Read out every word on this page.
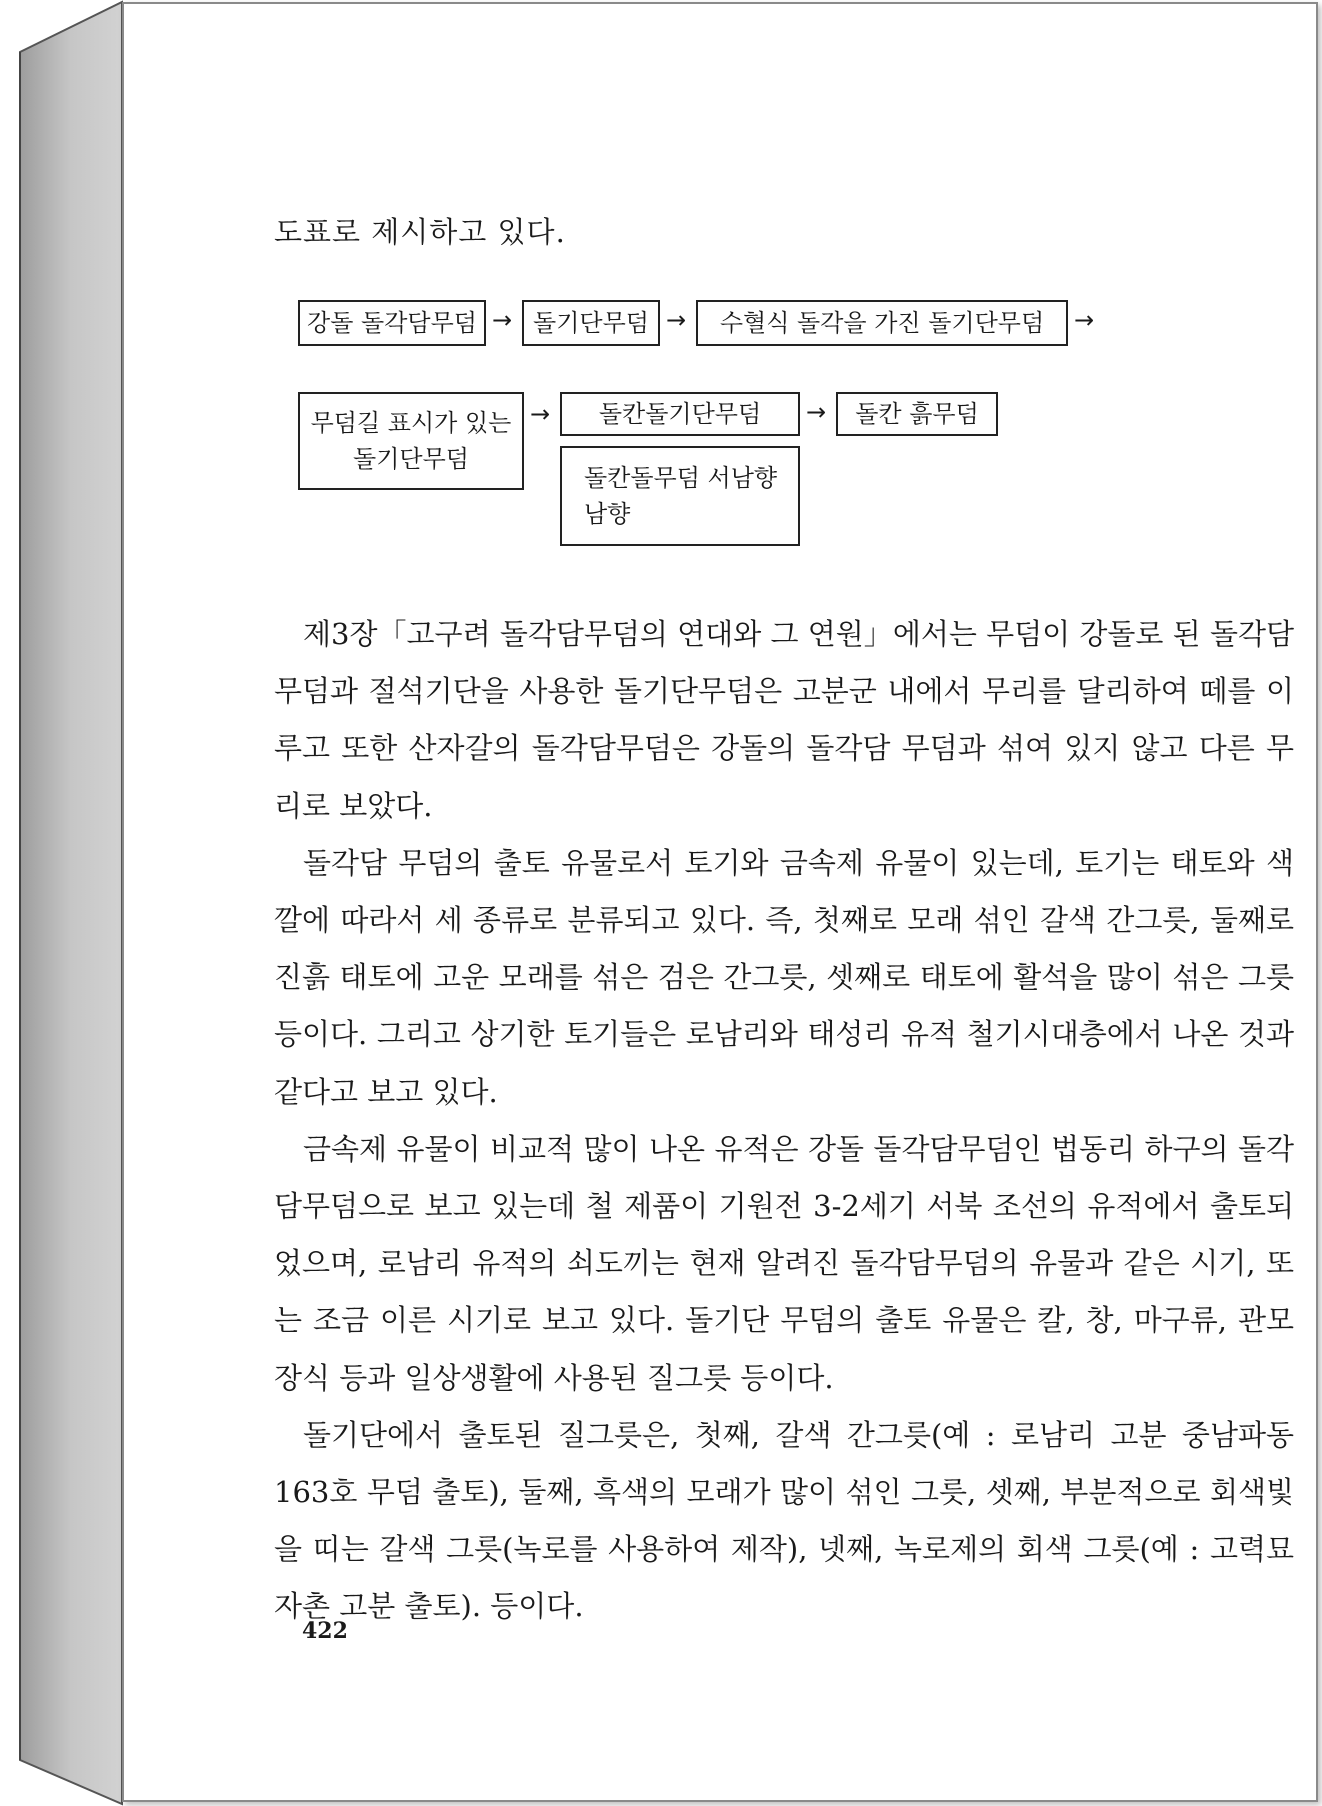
도표로 제시하고 있다.
강돌 돌각담무덤 → 돌기단무덤 →	수혈식 돌각을 가진 돌기단무덤	→
무덤길 표시가 있는
돌기단무덤
→	돌칸돌기단무덤	→	돌칸 흙무덤
돌칸돌무덤 서남향
남향

제3장「고구려 돌각담무덤의 연대와 그 연원」에서는 무덤이 강돌로 된 돌각담무덤과 절석기단을 사용한 돌기단무덤은 고분군 내에서 무리를 달리하여 떼를 이루고 또한 산자갈의 돌각담무덤은 강돌의 돌각담 무덤과 섞여 있지 않고 다른 무리로 보았다.

돌각담 무덤의 출토 유물로서 토기와 금속제 유물이 있는데, 토기는 태토와 색깔에 따라서 세 종류로 분류되고 있다. 즉, 첫째로 모래 섞인 갈색 간그릇, 둘째로 진흙 태토에 고운 모래를 섞은 검은 간그릇, 셋째로 태토에 활석을 많이 섞은 그릇 등이다. 그리고 상기한 토기들은 로남리와 태성리 유적 철기시대층에서 나온 것과 같다고 보고 있다.

금속제 유물이 비교적 많이 나온 유적은 강돌 돌각담무덤인 법동리 하구의 돌각담무덤으로 보고 있는데 철 제품이 기원전 3-2세기 서북 조선의 유적에서 출토되었으며, 로남리 유적의 쇠도끼는 현재 알려진 돌각담무덤의 유물과 같은 시기, 또는 조금 이른 시기로 보고 있다. 돌기단 무덤의 출토 유물은 칼, 창, 마구류, 관모장식 등과 일상생활에 사용된 질그릇 등이다.

돌기단에서 출토된 질그릇은, 첫째, 갈색 간그릇(예 : 로남리 고분 중남파동 163호 무덤 출토), 둘째, 흑색의 모래가 많이 섞인 그릇, 셋째, 부분적으로 회색빛을 띠는 갈색 그릇(녹로를 사용하여 제작), 넷째, 녹로제의 회색 그릇(예 : 고력묘자촌 고분 출토). 등이다.

422
